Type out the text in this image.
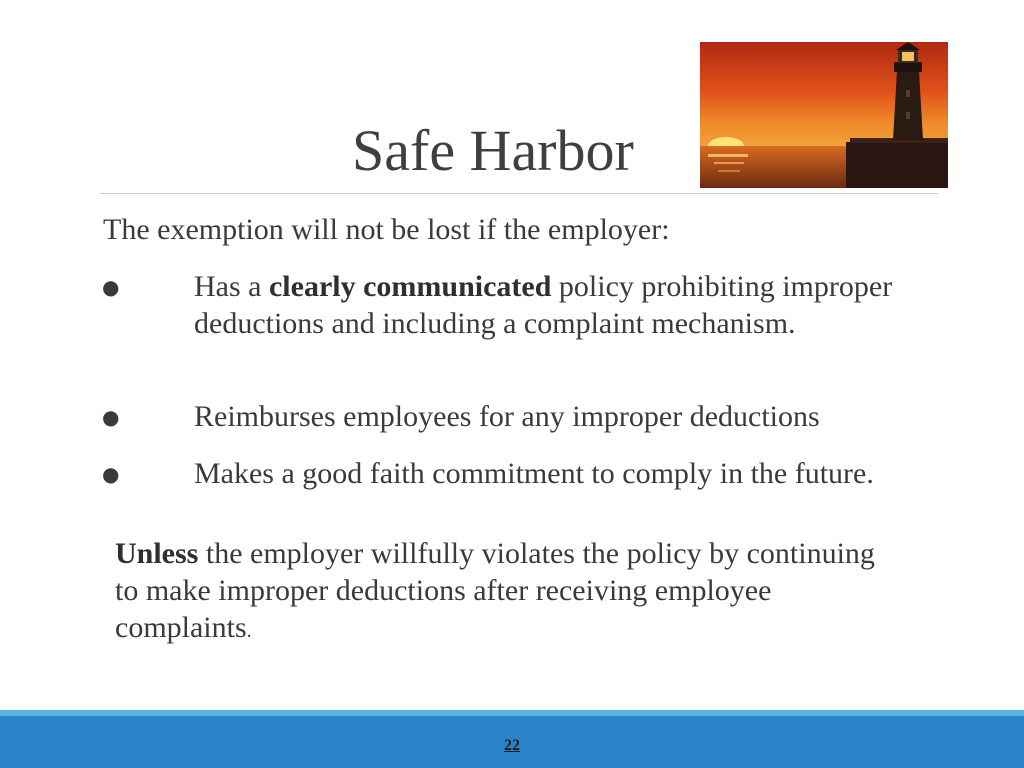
Safe Harbor
The exemption will not be lost if the employer:
● Has a clearly communicated policy prohibiting improper deductions and including a complaint mechanism.
● Reimburses employees for any improper deductions
● Makes a good faith commitment to comply in the future.
Unless the employer willfully violates the policy by continuing to make improper deductions after receiving employee complaints.
22
